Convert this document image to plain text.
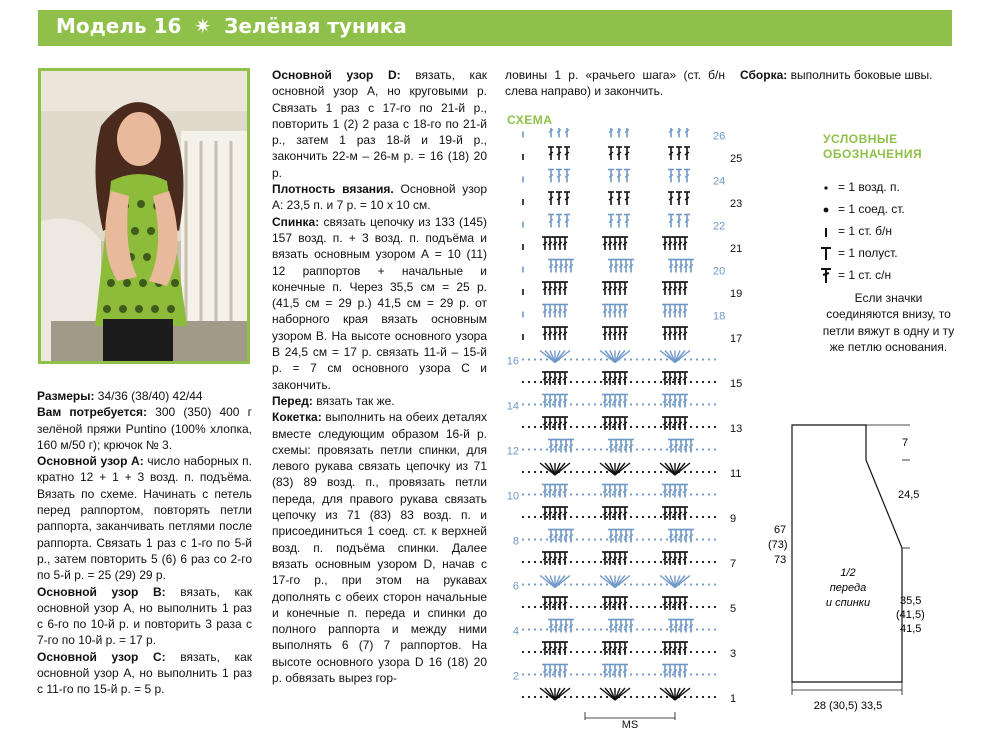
Модель 16 ✷ Зелёная туника

Размеры: 34/36 (38/40) 42/44

Вам потребуется: 300 (350) 400 г зелёной пряжи Puntino (100% хлопка, 160 м/50 г); крючок № 3.

Основной узор А: число наборных п. кратно 12 + 1 + 3 возд. п. подъёма. Вязать по схеме. Начинать с петель перед раппортом, повторять петли раппорта, заканчивать петлями после раппорта. Связать 1 раз с 1-го по 5-й р., затем повторить 5 (6) 6 раз со 2-го по 5-й р. = 25 (29) 29 р.

Основной узор В: вязать, как основной узор А, но выполнить 1 раз с 6-го по 10-й р. и повторить 3 раза с 7-го по 10-й р. = 17 р.

Основной узор С: вязать, как основной узор А, но выполнить 1 раз с 11-го по 15-й р. = 5 р.

Основной узор D: вязать, как основной узор А, но круговыми р. Связать 1 раз с 17-го по 21-й р., повторить 1 (2) 2 раза с 18-го по 21-й р., затем 1 раз 18-й и 19-й р., закончить 22-м – 26-м р. = 16 (18) 20 р.

Плотность вязания. Основной узор А: 23,5 п. и 7 р. = 10 х 10 см.

Спинка: связать цепочку из 133 (145) 157 возд. п. + 3 возд. п. подъёма и вязать основным узором А = 10 (11) 12 раппортов + начальные и конечные п. Через 35,5 см = 25 р. (41,5 см = 29 р.) 41,5 см = 29 р. от наборного края вязать основным узором В. На высоте основного узора В 24,5 см = 17 р. связать 11-й – 15-й р. = 7 см основного узора С и закончить.

Перед: вязать так же.

Кокетка: выполнить на обеих деталях вместе следующим образом 16-й р. схемы: провязать петли спинки, для левого рукава связать цепочку из 71 (83) 89 возд. п., провязать петли переда, для правого рукава связать цепочку из 71 (83) 83 возд. п. и присоединиться 1 соед. ст. к верхней возд. п. подъёма спинки. Далее вязать основным узором D, начав с 17-го р., при этом на рукавах дополнять с обеих сторон начальные и конечные п. переда и спинки до полного раппорта и между ними выполнять 6 (7) 7 раппортов. На высоте основного узора D 16 (18) 20 р. обвязать вырез гор-

ловины 1 р. «рачьего шага» (ст. б/н слева направо) и закончить.

Сборка: выполнить боковые швы.

СХЕМА
1
3
5
7
9
11
13
15
17
19
21
23
25
2
4
6
8
10
12
14
16
18
20
22
24
26
MS
УСЛОВНЫЕ
ОБОЗНАЧЕНИЯ
= 1 возд. п.
= 1 соед. ст.
= 1 ст. б/н
= 1 полуст.
= 1 ст. с/н
Если значки соединяются внизу, то петли вяжут в одну и ту же петлю основания.
7
24,5
67
(73)
73
1/2
переда
и спинки	35,5
(41,5)
41,5
28 (30,5) 33,5
